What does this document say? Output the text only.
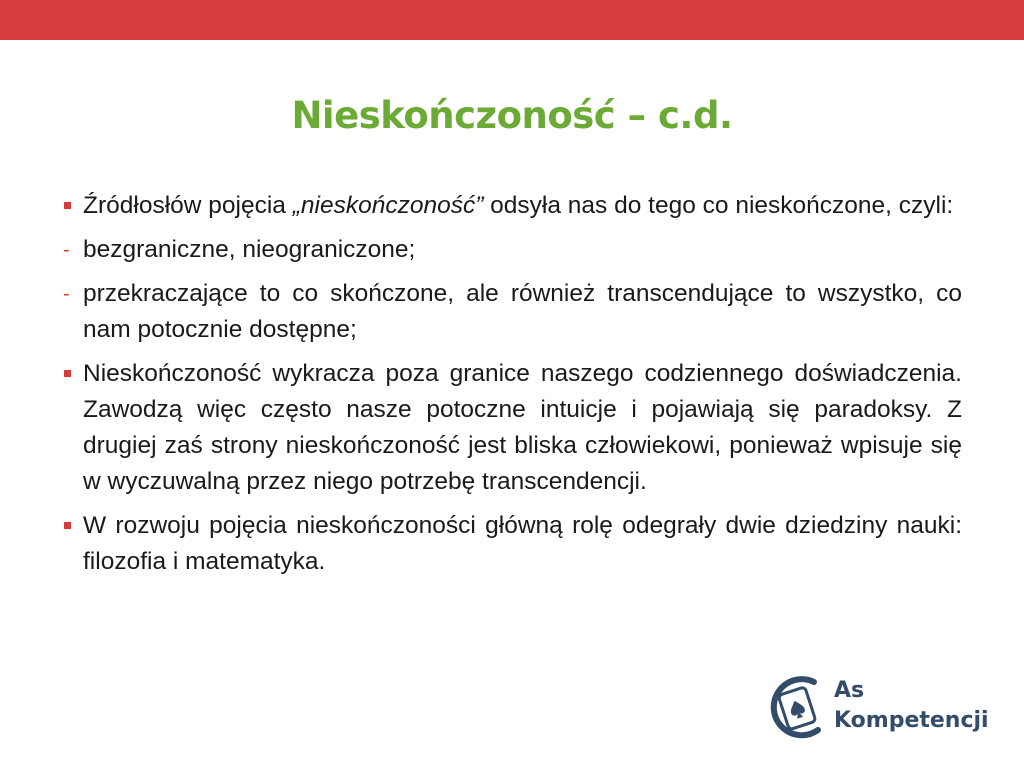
Nieskończoność – c.d.
Źródłosłów pojęcia „nieskończoność” odsyła nas do tego co nieskończone, czyli:
- bezgraniczne, nieograniczone;
- przekraczające to co skończone, ale również transcendujące to wszystko, co nam potocznie dostępne;
Nieskończoność wykracza poza granice naszego codziennego doświadczenia. Zawodzą więc często nasze potoczne intuicje i pojawiają się paradoksy. Z drugiej zaś strony nieskończoność jest bliska człowiekowi, ponieważ wpisuje się w wyczuwalną przez niego potrzebę transcendencji.
W rozwoju pojęcia nieskończoności główną rolę odegrały dwie dziedziny nauki: filozofia i matematyka.
As
Kompetencji
